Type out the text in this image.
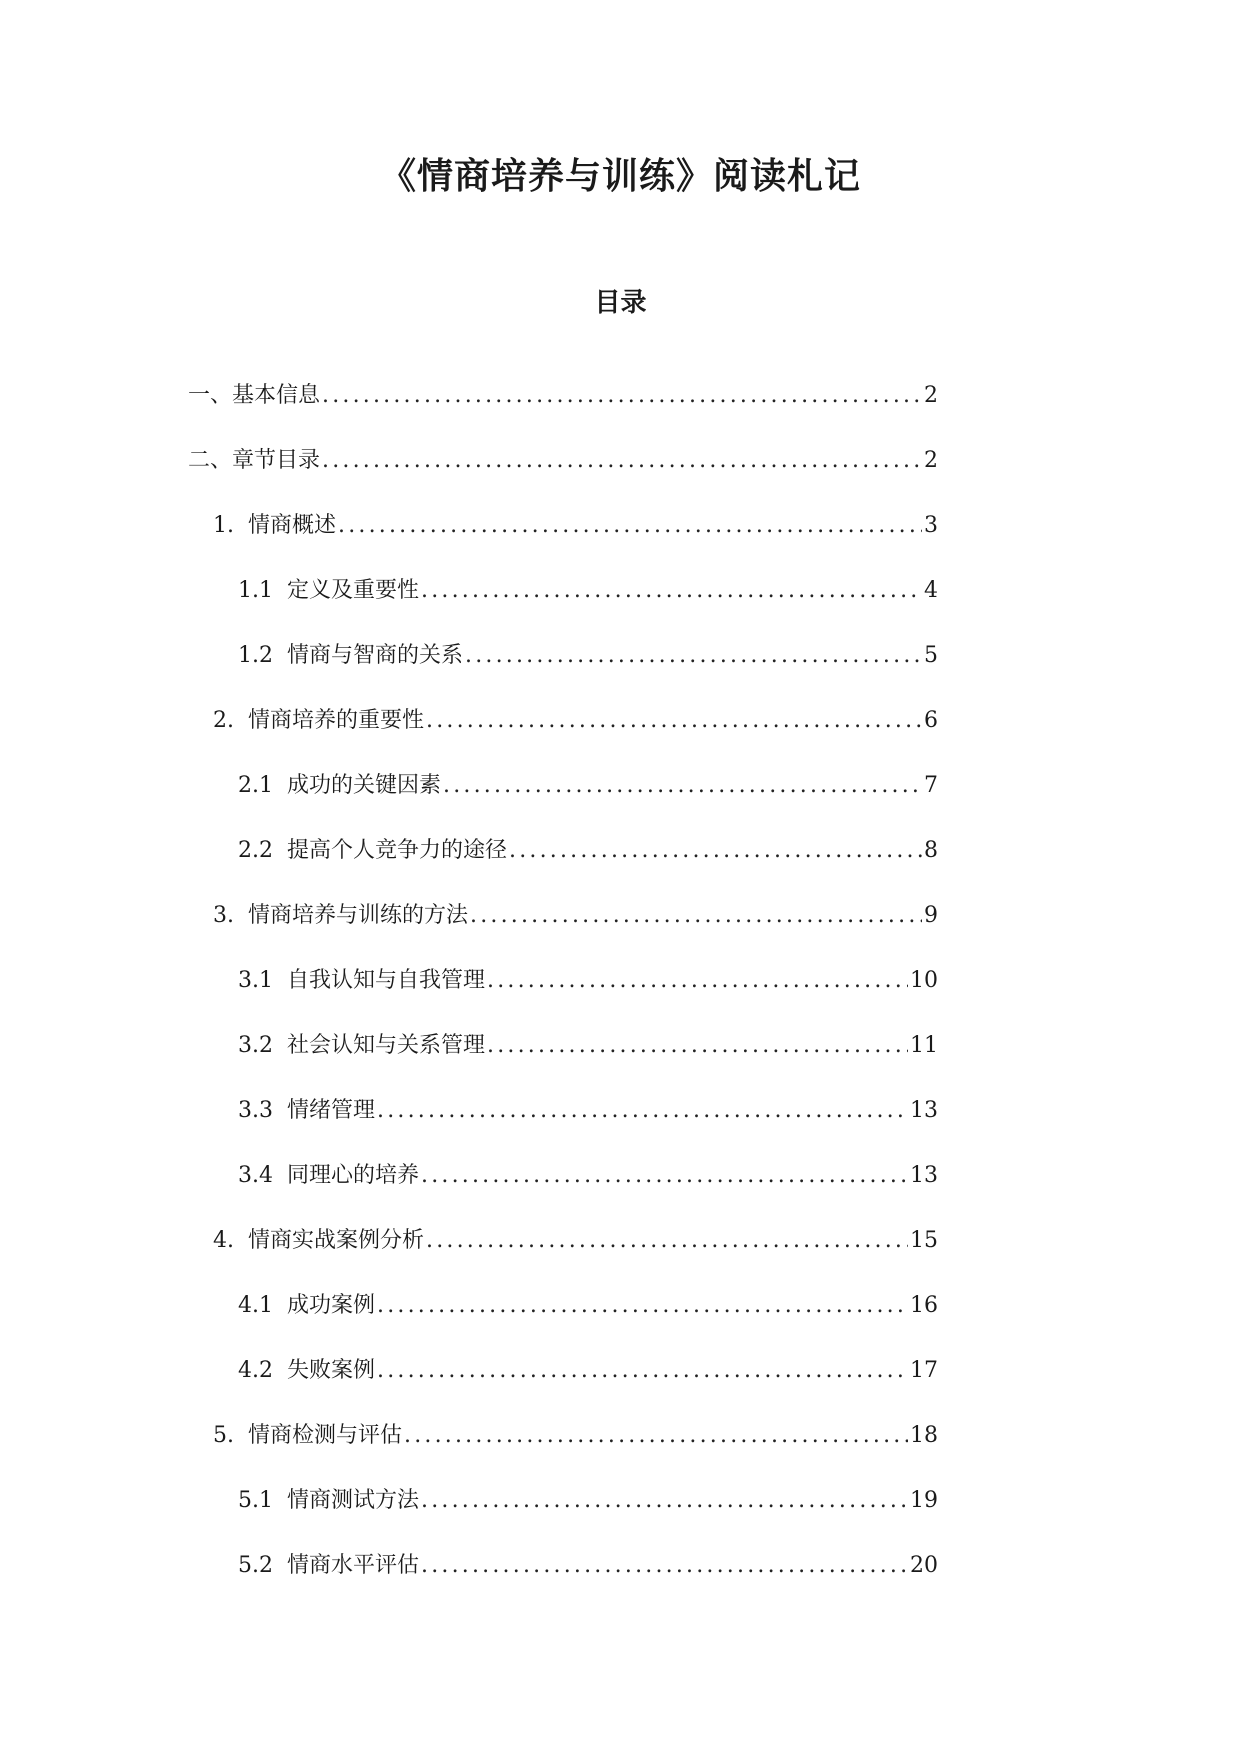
《情商培养与训练》阅读札记
目录
一、基本信息 .....	2
二、章节目录 .....	2
1. 情商概述 .....	3
1.1 定义及重要性 .....	4
1.2 情商与智商的关系 .....	5
2. 情商培养的重要性 .....	6
2.1 成功的关键因素 .....	7
2.2 提高个人竞争力的途径 .....	8
3. 情商培养与训练的方法 .....	9
3.1 自我认知与自我管理 .....	10
3.2 社会认知与关系管理 .....	11
3.3 情绪管理 .....	13
3.4 同理心的培养 .....	13
4. 情商实战案例分析 .....	15
4.1 成功案例 .....	16
4.2 失败案例 .....	17
5. 情商检测与评估 .....	18
5.1 情商测试方法 .....	19
5.2 情商水平评估 .....	20
